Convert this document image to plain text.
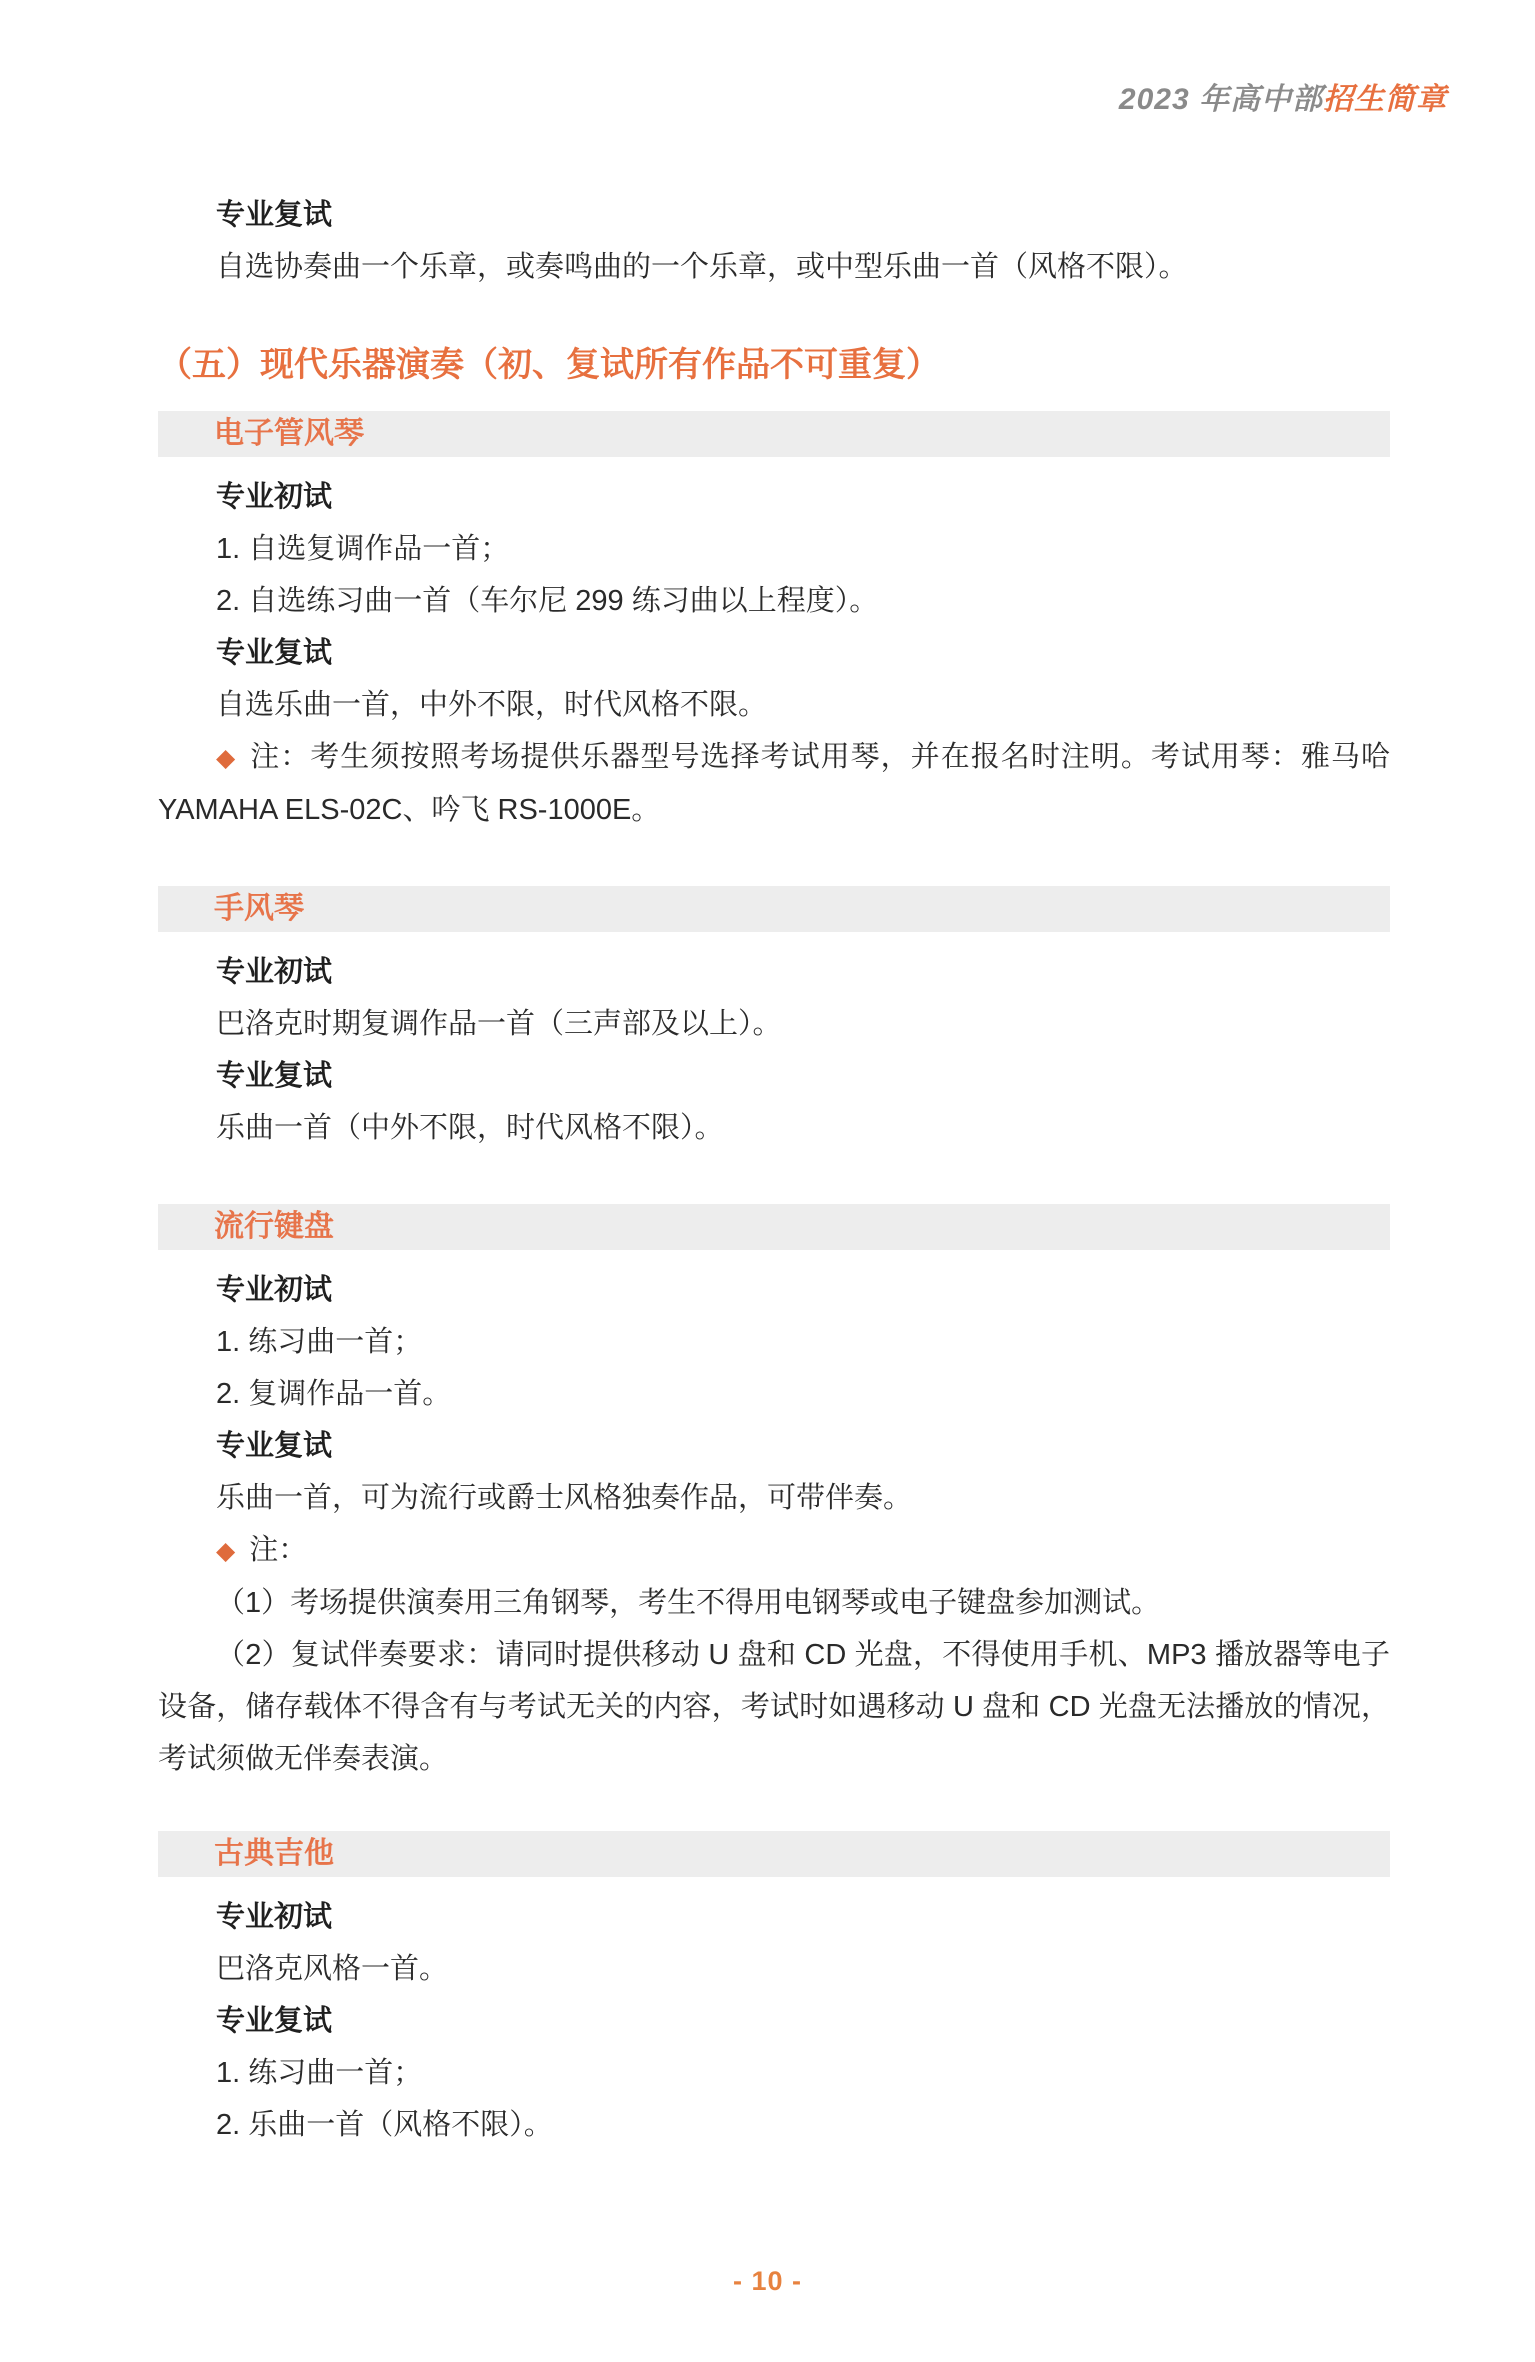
2023 年高中部招生简章
专业复试

自选协奏曲一个乐章，或奏鸣曲的一个乐章，或中型乐曲一首（风格不限）。

（五）现代乐器演奏（初、复试所有作品不可重复）
电子管风琴
专业初试

1. 自选复调作品一首；

2. 自选练习曲一首（车尔尼 299 练习曲以上程度）。

专业复试

自选乐曲一首，中外不限，时代风格不限。

◆ 注：考生须按照考场提供乐器型号选择考试用琴，并在报名时注明。考试用琴：雅马哈 YAMAHA ELS-02C、吟飞 RS-1000E。

手风琴
专业初试

巴洛克时期复调作品一首（三声部及以上）。

专业复试

乐曲一首（中外不限，时代风格不限）。

流行键盘
专业初试

1. 练习曲一首；

2. 复调作品一首。

专业复试

乐曲一首，可为流行或爵士风格独奏作品，可带伴奏。

◆ 注：

（1）考场提供演奏用三角钢琴，考生不得用电钢琴或电子键盘参加测试。

（2）复试伴奏要求：请同时提供移动 U 盘和 CD 光盘，不得使用手机、MP3 播放器等电子设备，储存载体不得含有与考试无关的内容，考试时如遇移动 U 盘和 CD 光盘无法播放的情况，考试须做无伴奏表演。

古典吉他
专业初试

巴洛克风格一首。

专业复试

1. 练习曲一首；

2. 乐曲一首（风格不限）。

- 10 -
